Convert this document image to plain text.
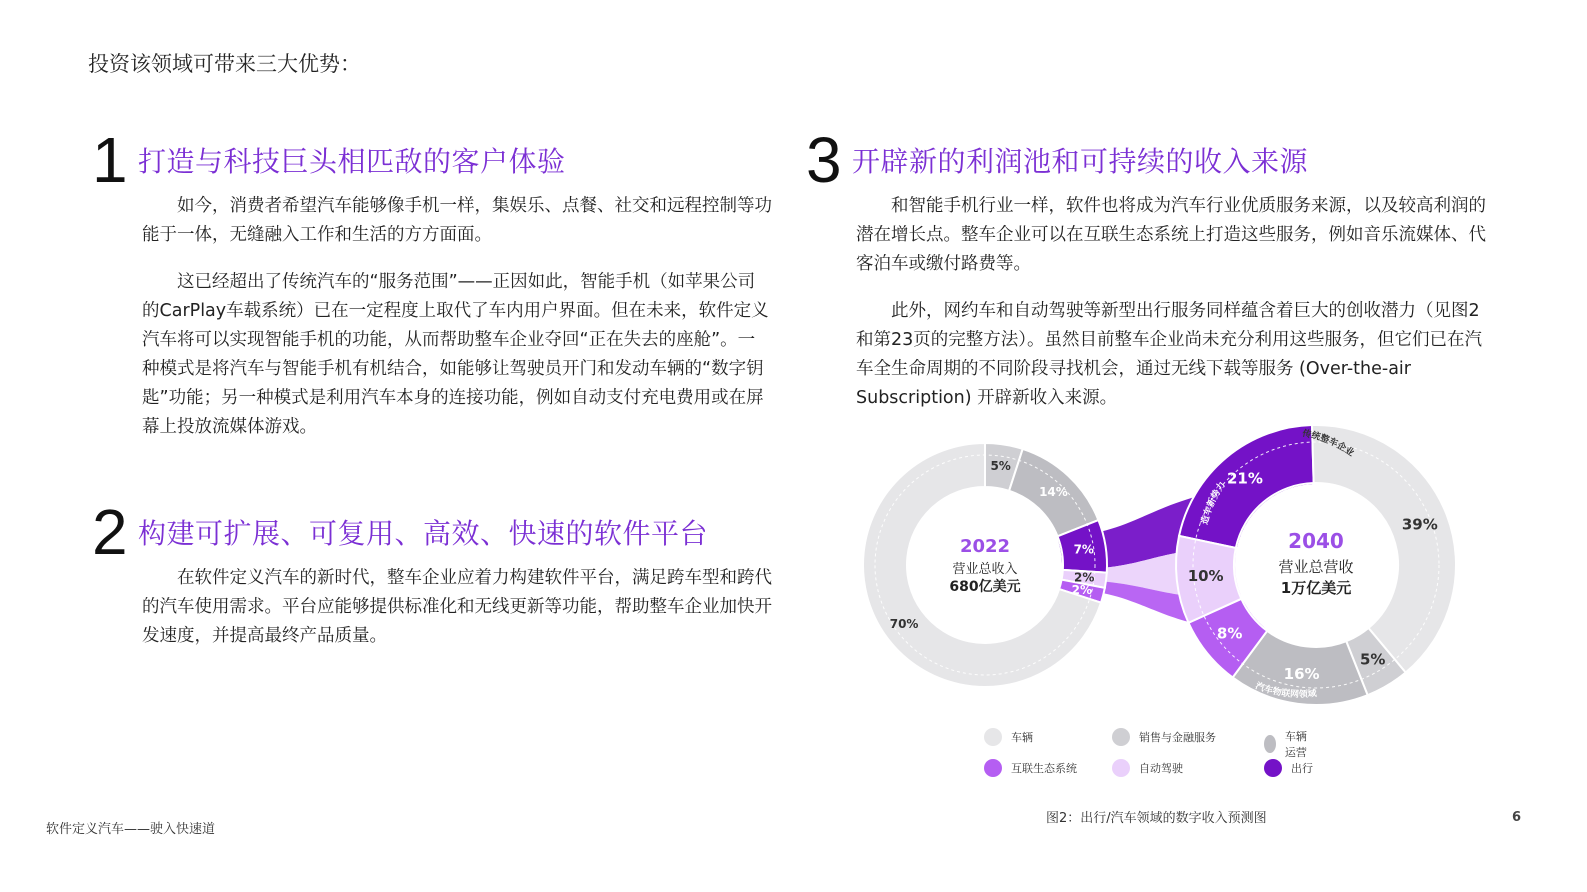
投资该领域可带来三大优势：
1 打造与科技巨头相匹敌的客户体验

如今，消费者希望汽车能够像手机一样，集娱乐、点餐、社交和远程控制等功能于一体，无缝融入工作和生活的方方面面。

这已经超出了传统汽车的“服务范围”——正因如此，智能手机（如苹果公司的CarPlay车载系统）已在一定程度上取代了车内用户界面。但在未来，软件定义汽车将可以实现智能手机的功能，从而帮助整车企业夺回“正在失去的座舱”。一种模式是将汽车与智能手机有机结合，如能够让驾驶员开门和发动车辆的“数字钥匙”功能；另一种模式是利用汽车本身的连接功能，例如自动支付充电费用或在屏幕上投放流媒体游戏。

2 构建可扩展、可复用、高效、快速的软件平台

在软件定义汽车的新时代，整车企业应着力构建软件平台，满足跨车型和跨代的汽车使用需求。平台应能够提供标准化和无线更新等功能，帮助整车企业加快开发速度，并提高最终产品质量。

3 开辟新的利润池和可持续的收入来源

和智能手机行业一样，软件也将成为汽车行业优质服务来源，以及较高利润的潜在增长点。整车企业可以在互联生态系统上打造这些服务，例如音乐流媒体、代客泊车或缴付路费等。

此外，网约车和自动驾驶等新型出行服务同样蕴含着巨大的创收潜力（见图2和第23页的完整方法）。虽然目前整车企业尚未充分利用这些服务，但它们已在汽车全生命周期的不同阶段寻找机会，通过无线下载等服务 (Over-the-air Subscription) 开辟新收入来源。

5%
14%
7%
2%
2%
70%
21%
39%
5%
16%
8%
10%
传统整车企业
造车新势力
汽车物联网领域
2022
营业总收入
680亿美元
2040
营业总营收
1万亿美元
车辆	销售与金融服务	车辆运营
互联生态系统	自动驾驶	出行
图2：出行/汽车领域的数字收入预测图
软件定义汽车——驶入快速道
6
